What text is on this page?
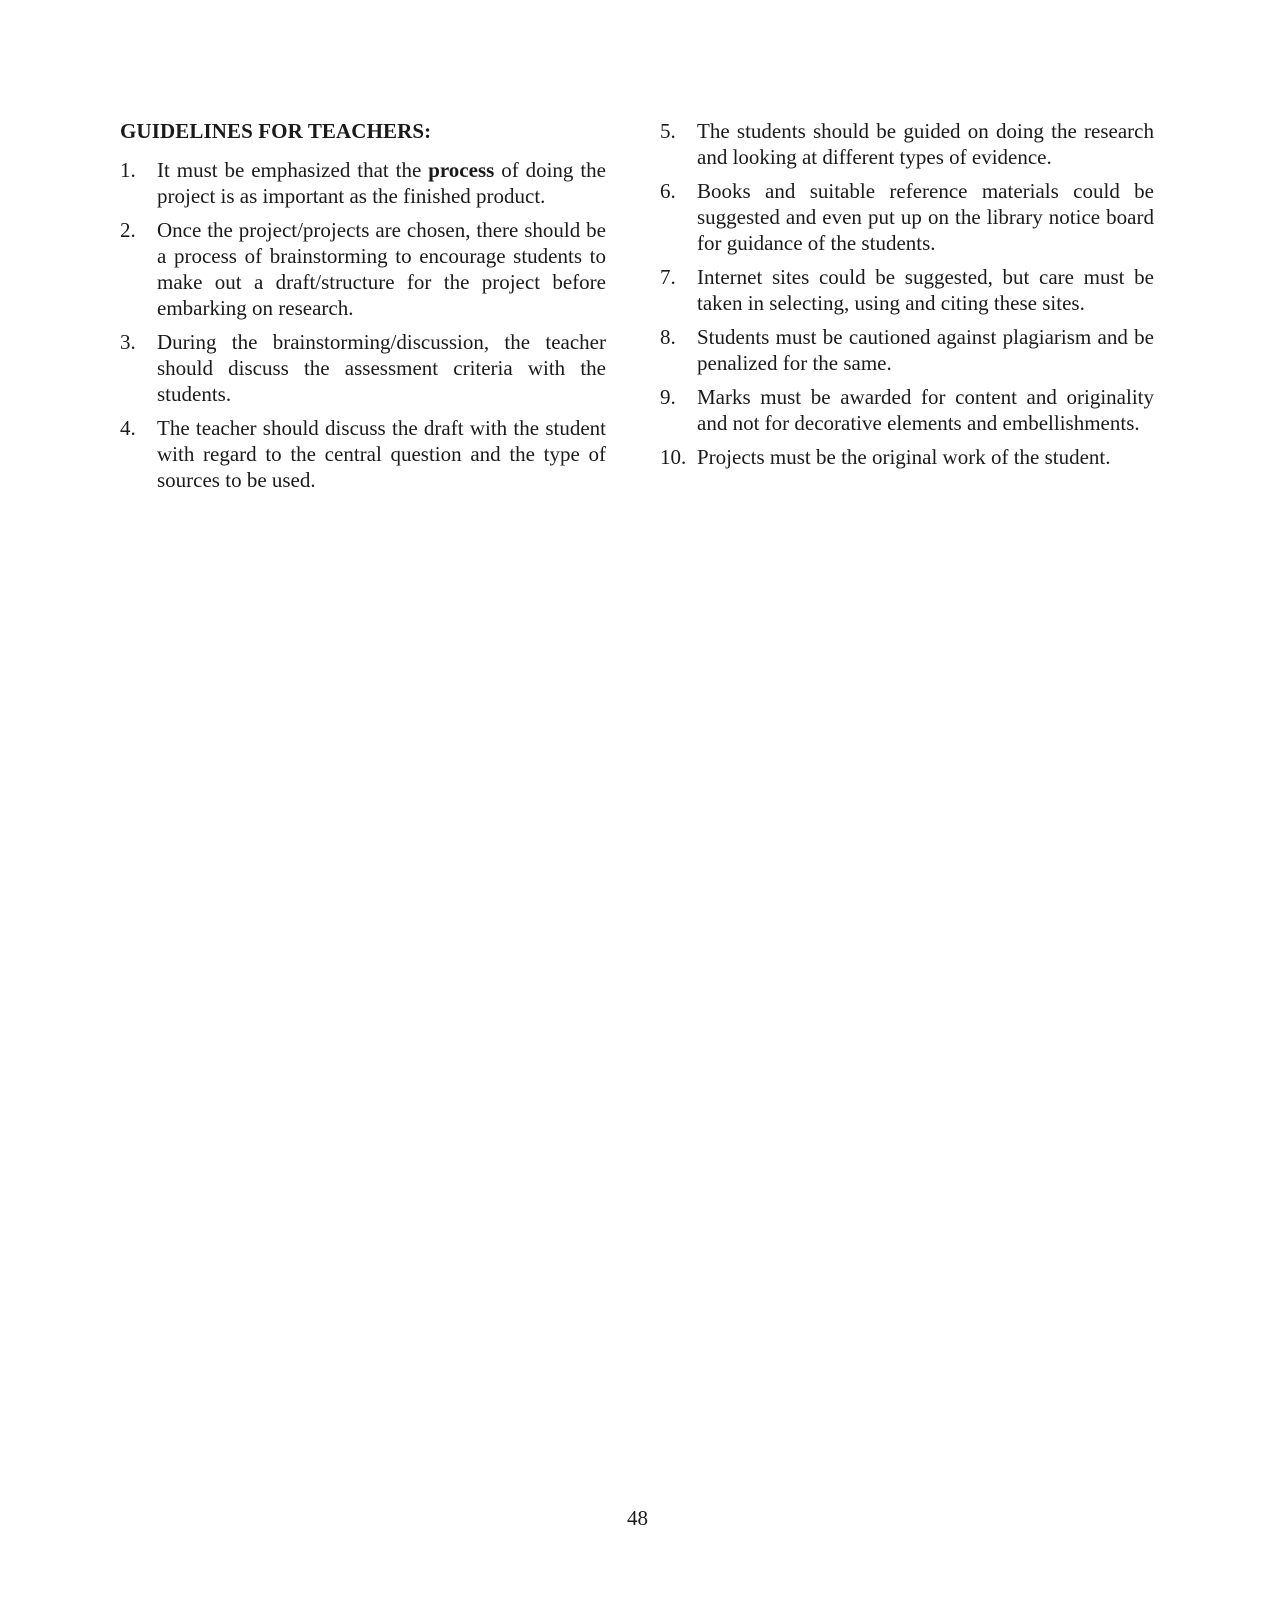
GUIDELINES FOR TEACHERS:
1. It must be emphasized that the process of doing the project is as important as the finished product.
2. Once the project/projects are chosen, there should be a process of brainstorming to encourage students to make out a draft/structure for the project before embarking on research.
3. During the brainstorming/discussion, the teacher should discuss the assessment criteria with the students.
4. The teacher should discuss the draft with the student with regard to the central question and the type of sources to be used.
5. The students should be guided on doing the research and looking at different types of evidence.
6. Books and suitable reference materials could be suggested and even put up on the library notice board for guidance of the students.
7. Internet sites could be suggested, but care must be taken in selecting, using and citing these sites.
8. Students must be cautioned against plagiarism and be penalized for the same.
9. Marks must be awarded for content and originality and not for decorative elements and embellishments.
10. Projects must be the original work of the student.
48
